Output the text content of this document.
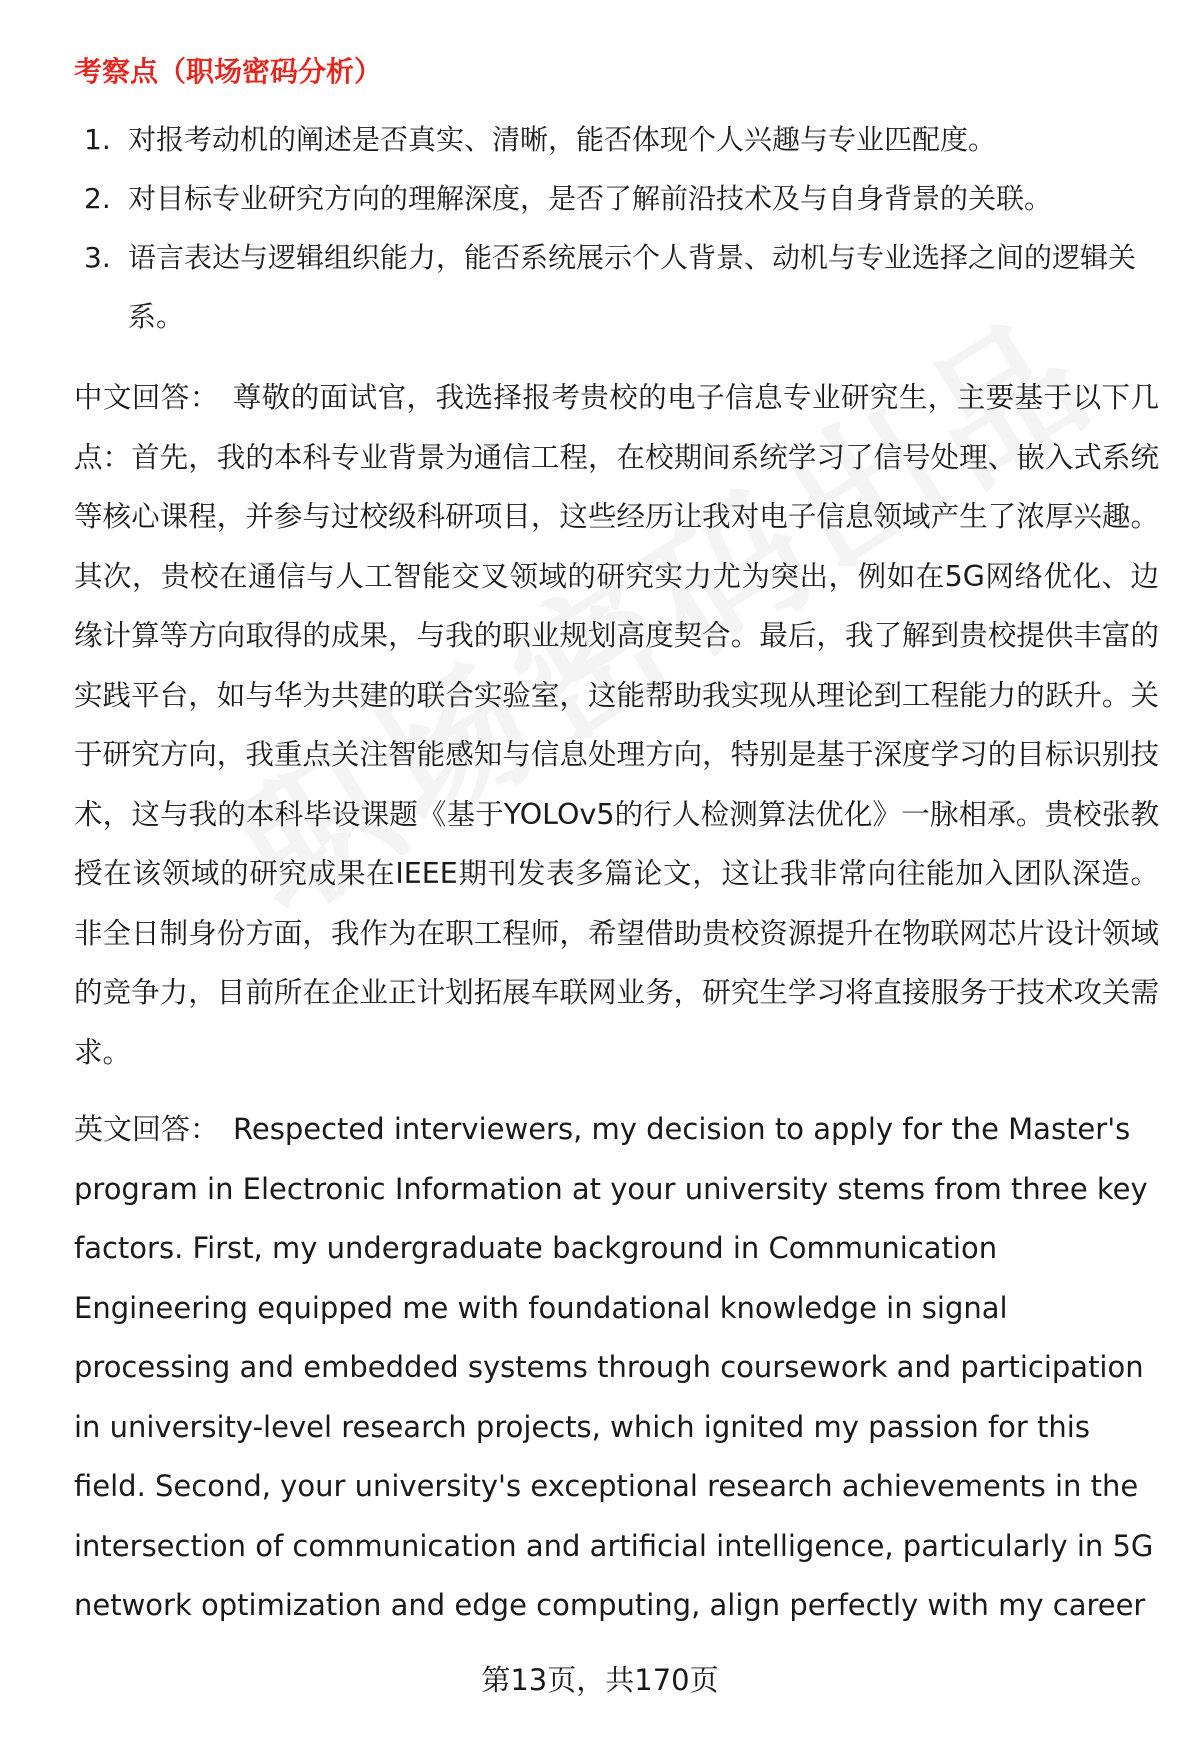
考察点（职场密码分析）
1. 对报考动机的阐述是否真实、清晰，能否体现个人兴趣与专业匹配度。
2. 对目标专业研究方向的理解深度，是否了解前沿技术及与自身背景的关联。
3. 语言表达与逻辑组织能力，能否系统展示个人背景、动机与专业选择之间的逻辑关系。

中文回答： 尊敬的面试官，我选择报考贵校的电子信息专业研究生，主要基于以下几点：首先，我的本科专业背景为通信工程，在校期间系统学习了信号处理、嵌入式系统等核心课程，并参与过校级科研项目，这些经历让我对电子信息领域产生了浓厚兴趣。其次，贵校在通信与人工智能交叉领域的研究实力尤为突出，例如在5G网络优化、边缘计算等方向取得的成果，与我的职业规划高度契合。最后，我了解到贵校提供丰富的实践平台，如与华为共建的联合实验室，这能帮助我实现从理论到工程能力的跃升。关于研究方向，我重点关注智能感知与信息处理方向，特别是基于深度学习的目标识别技术，这与我的本科毕设课题《基于YOLOv5的行人检测算法优化》一脉相承。贵校张教授在该领域的研究成果在IEEE期刊发表多篇论文，这让我非常向往能加入团队深造。非全日制身份方面，我作为在职工程师，希望借助贵校资源提升在物联网芯片设计领域的竞争力，目前所在企业正计划拓展车联网业务，研究生学习将直接服务于技术攻关需求。

英文回答： Respected interviewers, my decision to apply for the Master's program in Electronic Information at your university stems from three key factors. First, my undergraduate background in Communication Engineering equipped me with foundational knowledge in signal processing and embedded systems through coursework and participation in university-level research projects, which ignited my passion for this field. Second, your university's exceptional research achievements in the intersection of communication and artificial intelligence, particularly in 5G network optimization and edge computing, align perfectly with my career

第13页，共170页
